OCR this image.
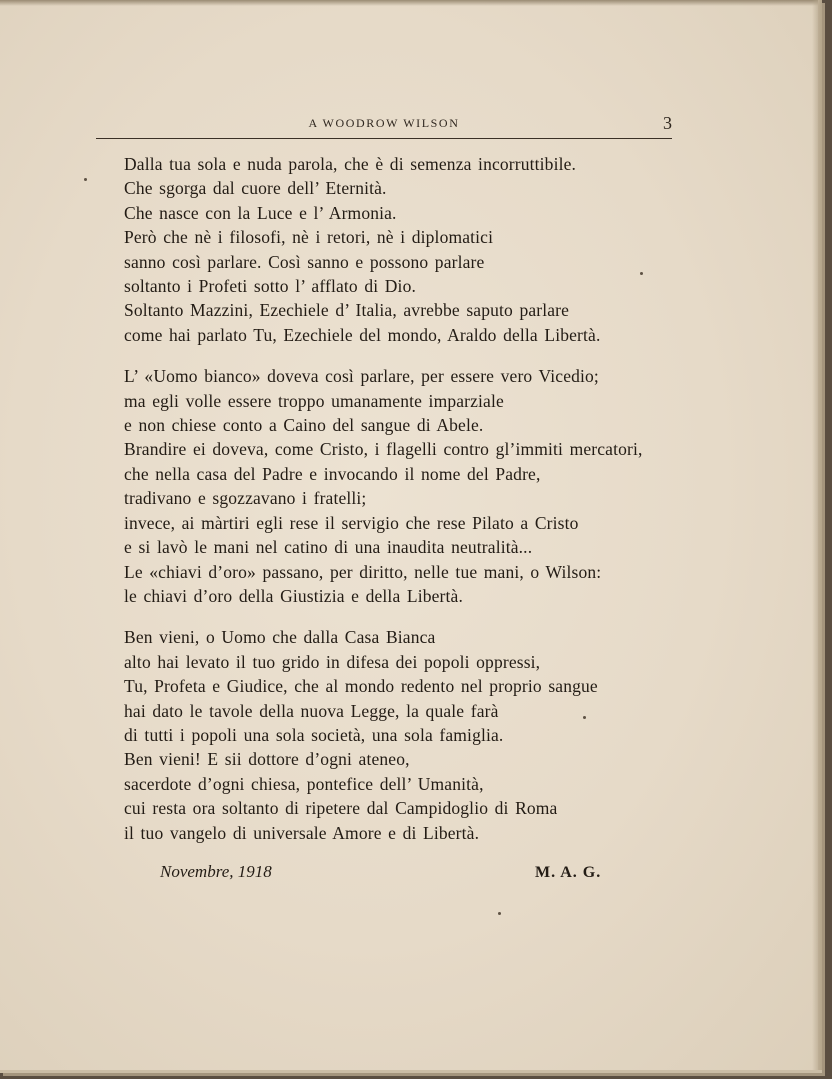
A WOODROW WILSON	3
Dalla tua sola e nuda parola, che è di semenza incorruttibile.
Che sgorga dal cuore dell’ Eternità.
Che nasce con la Luce e l’ Armonia.
Però che nè i filosofi, nè i retori, nè i diplomatici
sanno così parlare. Così sanno e possono parlare
soltanto i Profeti sotto l’ afflato di Dio.
Soltanto Mazzini, Ezechiele d’ Italia, avrebbe saputo parlare
come hai parlato Tu, Ezechiele del mondo, Araldo della Libertà.
L’ «Uomo bianco» doveva così parlare, per essere vero Vicedio;
ma egli volle essere troppo umanamente imparziale
e non chiese conto a Caino del sangue di Abele.
Brandire ei doveva, come Cristo, i flagelli contro gl’immiti mercatori,
che nella casa del Padre e invocando il nome del Padre,
tradivano e sgozzavano i fratelli;
invece, ai màrtiri egli rese il servigio che rese Pilato a Cristo
e si lavò le mani nel catino di una inaudita neutralità...
Le «chiavi d’oro» passano, per diritto, nelle tue mani, o Wilson:
le chiavi d’oro della Giustizia e della Libertà.
Ben vieni, o Uomo che dalla Casa Bianca
alto hai levato il tuo grido in difesa dei popoli oppressi,
Tu, Profeta e Giudice, che al mondo redento nel proprio sangue
hai dato le tavole della nuova Legge, la quale farà
di tutti i popoli una sola società, una sola famiglia.
Ben vieni! E sii dottore d’ogni ateneo,
sacerdote d’ogni chiesa, pontefice dell’ Umanità,
cui resta ora soltanto di ripetere dal Campidoglio di Roma
il tuo vangelo di universale Amore e di Libertà.
Novembre, 1918	M. A. G.
